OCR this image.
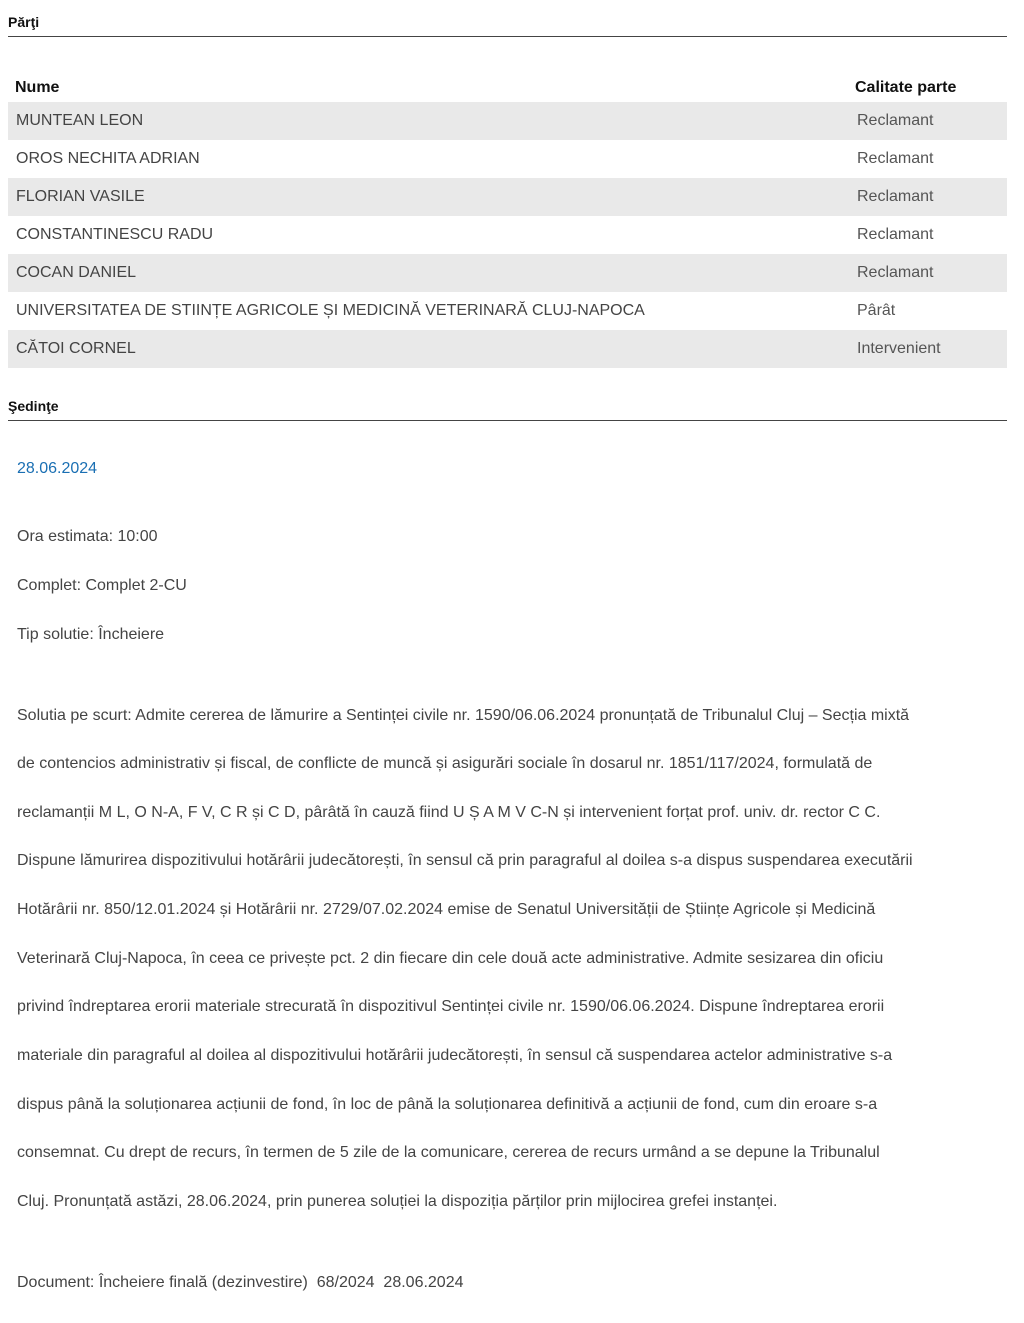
Părţi
Nume	Calitate parte
MUNTEAN LEON	Reclamant
OROS NECHITA ADRIAN	Reclamant
FLORIAN VASILE	Reclamant
CONSTANTINESCU RADU	Reclamant
COCAN DANIEL	Reclamant
UNIVERSITATEA DE STIINȚE AGRICOLE ȘI MEDICINĂ VETERINARĂ CLUJ-NAPOCA	Pârât
CĂTOI CORNEL	Intervenient
Şedinţe
28.06.2024

Ora estimata: 10:00

Complet: Complet 2-CU

Tip solutie: Încheiere

Solutia pe scurt: Admite cererea de lămurire a Sentinței civile nr. 1590/06.06.2024 pronunțată de Tribunalul Cluj – Secția mixtă

de contencios administrativ și fiscal, de conflicte de muncă și asigurări sociale în dosarul nr. 1851/117/2024, formulată de

reclamanții M L, O N-A, F V, C R și C D, pârâtă în cauză fiind U Ș A M V C-N și intervenient forțat prof. univ. dr. rector C C.

Dispune lămurirea dispozitivului hotărârii judecătorești, în sensul că prin paragraful al doilea s-a dispus suspendarea executării

Hotărârii nr. 850/12.01.2024 și Hotărârii nr. 2729/07.02.2024 emise de Senatul Universității de Științe Agricole și Medicină

Veterinară Cluj-Napoca, în ceea ce privește pct. 2 din fiecare din cele două acte administrative. Admite sesizarea din oficiu

privind îndreptarea erorii materiale strecurată în dispozitivul Sentinței civile nr. 1590/06.06.2024. Dispune îndreptarea erorii

materiale din paragraful al doilea al dispozitivului hotărârii judecătorești, în sensul că suspendarea actelor administrative s-a

dispus până la soluționarea acțiunii de fond, în loc de până la soluționarea definitivă a acțiunii de fond, cum din eroare s-a

consemnat. Cu drept de recurs, în termen de 5 zile de la comunicare, cererea de recurs urmând a se depune la Tribunalul

Cluj. Pronunțată astăzi, 28.06.2024, prin punerea soluției la dispoziția părților prin mijlocirea grefei instanței.

Document: Încheiere finală (dezinvestire)  68/2024  28.06.2024
